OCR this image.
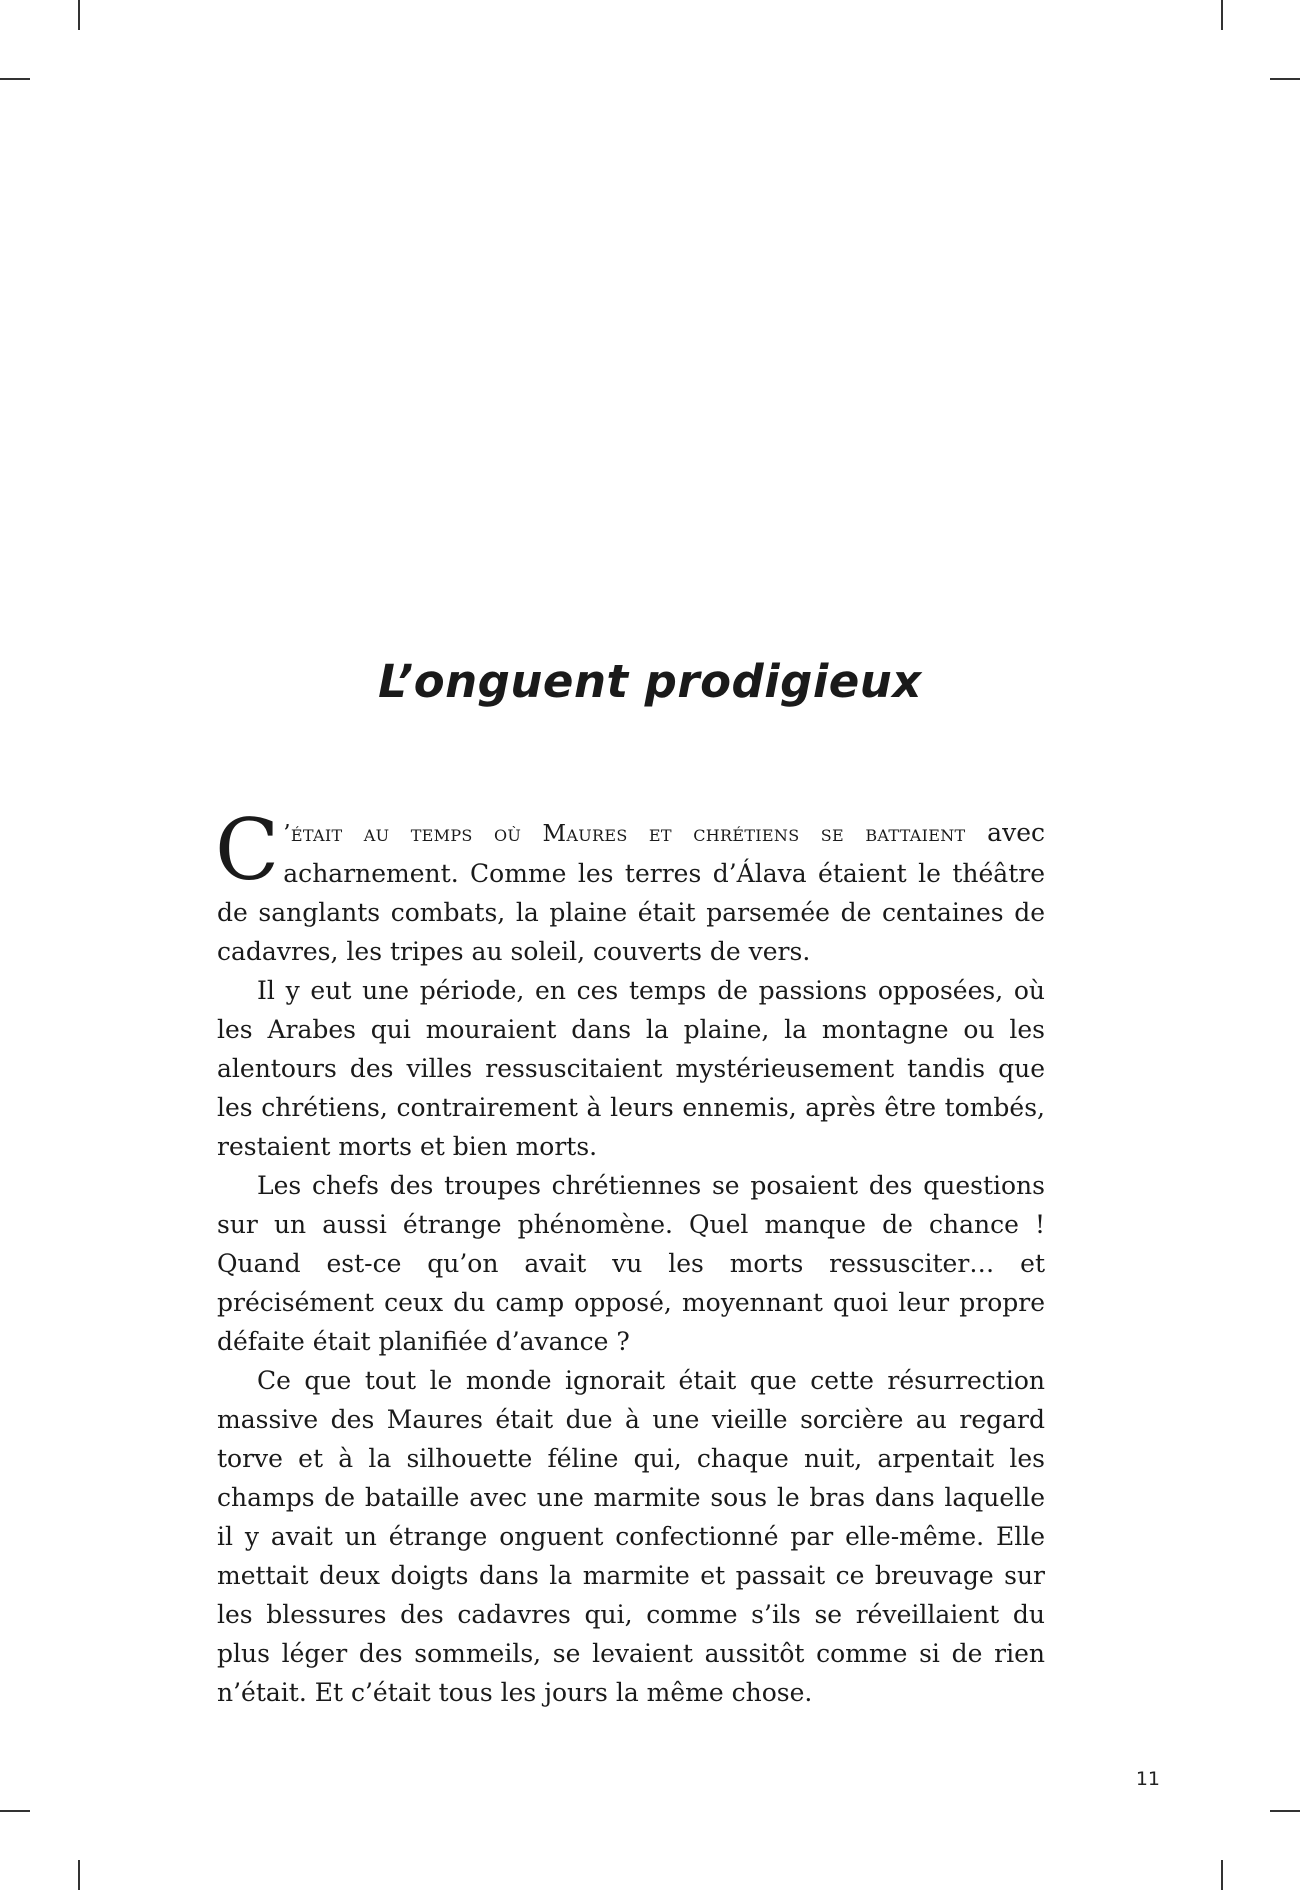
L’onguent prodigieux

C ’était au temps où Maures et chrétiens se battaient avec acharnement. Comme les terres d’Álava étaient le théâtre de sanglants combats, la plaine était parsemée de centaines de cadavres, les tripes au soleil, couverts de vers.

Il y eut une période, en ces temps de passions opposées, où les Arabes qui mouraient dans la plaine, la montagne ou les alentours des villes ressuscitaient mystérieusement tandis que les chrétiens, contrairement à leurs ennemis, après être tombés, restaient morts et bien morts.

Les chefs des troupes chrétiennes se posaient des questions sur un aussi étrange phénomène. Quel manque de chance ! Quand est-ce qu’on avait vu les morts ressusciter… et précisément ceux du camp opposé, moyennant quoi leur propre défaite était planifiée d’avance ?

Ce que tout le monde ignorait était que cette résurrection massive des Maures était due à une vieille sorcière au regard torve et à la silhouette féline qui, chaque nuit, arpentait les champs de bataille avec une marmite sous le bras dans laquelle il y avait un étrange onguent confectionné par elle-même. Elle mettait deux doigts dans la marmite et passait ce breuvage sur les blessures des cadavres qui, comme s’ils se réveillaient du plus léger des sommeils, se levaient aussitôt comme si de rien n’était. Et c’était tous les jours la même chose.

11
